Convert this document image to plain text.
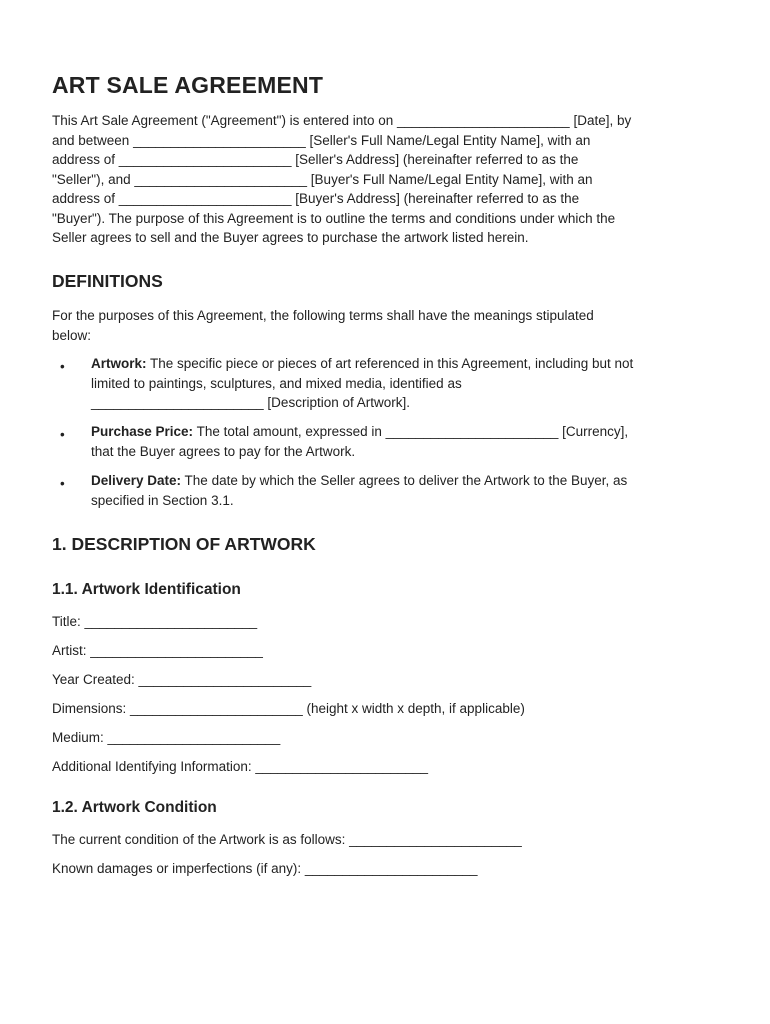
ART SALE AGREEMENT

This Art Sale Agreement ("Agreement") is entered into on _______________________ [Date], by

and between _______________________ [Seller's Full Name/Legal Entity Name], with an

address of _______________________ [Seller's Address] (hereinafter referred to as the

"Seller"), and _______________________ [Buyer's Full Name/Legal Entity Name], with an

address of _______________________ [Buyer's Address] (hereinafter referred to as the

"Buyer"). The purpose of this Agreement is to outline the terms and conditions under which the

Seller agrees to sell and the Buyer agrees to purchase the artwork listed herein.

DEFINITIONS

For the purposes of this Agreement, the following terms shall have the meanings stipulated

below:

•	Artwork: The specific piece or pieces of art referenced in this Agreement, including but not

limited to paintings, sculptures, and mixed media, identified as

_______________________ [Description of Artwork].

•	Purchase Price: The total amount, expressed in _______________________ [Currency],

that the Buyer agrees to pay for the Artwork.

•	Delivery Date: The date by which the Seller agrees to deliver the Artwork to the Buyer, as

specified in Section 3.1.

1. DESCRIPTION OF ARTWORK
1.1. Artwork Identification

Title: _______________________

Artist: _______________________

Year Created: _______________________

Dimensions: _______________________ (height x width x depth, if applicable)

Medium: _______________________

Additional Identifying Information: _______________________

1.2. Artwork Condition

The current condition of the Artwork is as follows: _______________________

Known damages or imperfections (if any): _______________________
